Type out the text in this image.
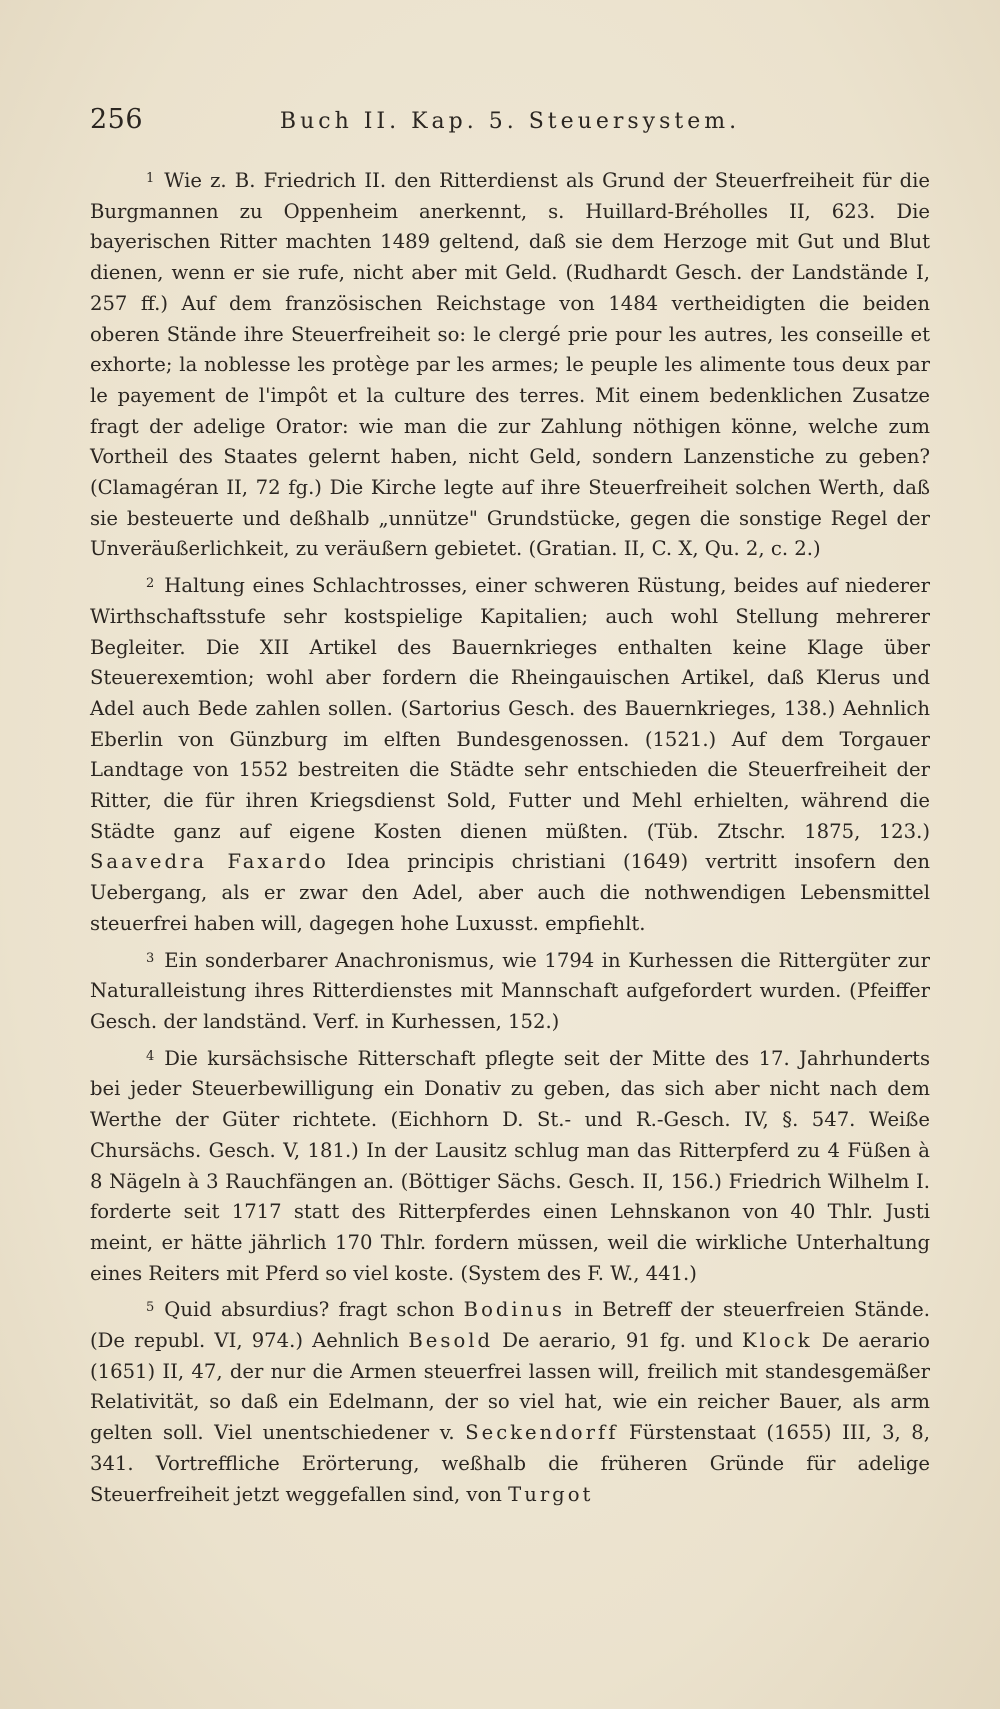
256	Buch II. Kap. 5. Steuersystem.

$^1$ Wie z. B. Friedrich II. den Ritterdienst als Grund der Steuerfreiheit für die Burgmannen zu Oppenheim anerkennt, s. Huillard-Bréholles II, 623. Die bayerischen Ritter machten 1489 geltend, daß sie dem Herzoge mit Gut und Blut dienen, wenn er sie rufe, nicht aber mit Geld. (Rudhardt Gesch. der Landstände I, 257 ff.) Auf dem französischen Reichstage von 1484 vertheidigten die beiden oberen Stände ihre Steuerfreiheit so: le clergé prie pour les autres, les conseille et exhorte; la noblesse les protège par les armes; le peuple les alimente tous deux par le payement de l'impôt et la culture des terres. Mit einem bedenklichen Zusatze fragt der adelige Orator: wie man die zur Zahlung nöthigen könne, welche zum Vortheil des Staates gelernt haben, nicht Geld, sondern Lanzenstiche zu geben? (Clamagéran II, 72 fg.) Die Kirche legte auf ihre Steuerfreiheit solchen Werth, daß sie besteuerte und deßhalb „unnütze" Grundstücke, gegen die sonstige Regel der Unveräußerlichkeit, zu veräußern gebietet. (Gratian. II, C. X, Qu. 2, c. 2.)

$^2$ Haltung eines Schlachtrosses, einer schweren Rüstung, beides auf niederer Wirthschaftsstufe sehr kostspielige Kapitalien; auch wohl Stellung mehrerer Begleiter. Die XII Artikel des Bauernkrieges enthalten keine Klage über Steuerexemtion; wohl aber fordern die Rheingauischen Artikel, daß Klerus und Adel auch Bede zahlen sollen. (Sartorius Gesch. des Bauernkrieges, 138.) Aehnlich Eberlin von Günzburg im elften Bundesgenossen. (1521.) Auf dem Torgauer Landtage von 1552 bestreiten die Städte sehr entschieden die Steuerfreiheit der Ritter, die für ihren Kriegsdienst Sold, Futter und Mehl erhielten, während die Städte ganz auf eigene Kosten dienen müßten. (Tüb. Ztschr. 1875, 123.) Saavedra Faxardo Idea principis christiani (1649) vertritt insofern den Uebergang, als er zwar den Adel, aber auch die nothwendigen Lebensmittel steuerfrei haben will, dagegen hohe Luxusst. empfiehlt.

$^3$ Ein sonderbarer Anachronismus, wie 1794 in Kurhessen die Rittergüter zur Naturalleistung ihres Ritterdienstes mit Mannschaft aufgefordert wurden. (Pfeiffer Gesch. der landständ. Verf. in Kurhessen, 152.)

$^4$ Die kursächsische Ritterschaft pflegte seit der Mitte des 17. Jahrhunderts bei jeder Steuerbewilligung ein Donativ zu geben, das sich aber nicht nach dem Werthe der Güter richtete. (Eichhorn D. St.- und R.-Gesch. IV, §. 547. Weiße Chursächs. Gesch. V, 181.) In der Lausitz schlug man das Ritterpferd zu 4 Füßen à 8 Nägeln à 3 Rauchfängen an. (Böttiger Sächs. Gesch. II, 156.) Friedrich Wilhelm I. forderte seit 1717 statt des Ritterpferdes einen Lehnskanon von 40 Thlr. Justi meint, er hätte jährlich 170 Thlr. fordern müssen, weil die wirkliche Unterhaltung eines Reiters mit Pferd so viel koste. (System des F. W., 441.)

$^5$ Quid absurdius? fragt schon Bodinus in Betreff der steuerfreien Stände. (De republ. VI, 974.) Aehnlich Besold De aerario, 91 fg. und Klock De aerario (1651) II, 47, der nur die Armen steuerfrei lassen will, freilich mit standesgemäßer Relativität, so daß ein Edelmann, der so viel hat, wie ein reicher Bauer, als arm gelten soll. Viel unentschiedener v. Seckendorff Fürstenstaat (1655) III, 3, 8, 341. Vortreffliche Erörterung, weßhalb die früheren Gründe für adelige Steuerfreiheit jetzt weggefallen sind, von Turgot
